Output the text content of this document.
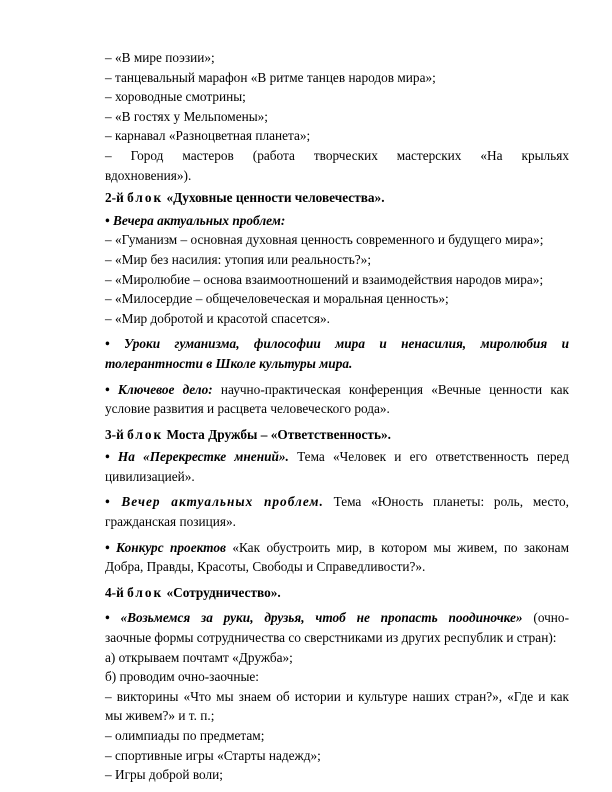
– «В мире поэзии»;

– танцевальный марафон «В ритме танцев народов мира»;

– хороводные смотрины;

– «В гостях у Мельпомены»;

– карнавал «Разноцветная планета»;

– Город мастеров (работа творческих мастерских «На крыльях

вдохновения»).

2-й блок «Духовные ценности человечества».

• Вечера актуальных проблем:

– «Гуманизм – основная духовная ценность современного и будущего мира»;

– «Мир без насилия: утопия или реальность?»;

– «Миролюбие – основа взаимоотношений и взаимодействия народов мира»;

– «Милосердие – общечеловеческая и моральная ценность»;

– «Мир добротой и красотой спасется».

• Уроки гуманизма, философии мира и ненасилия, миролюбия и

толерантности в Школе культуры мира.

• Ключевое дело: научно-практическая конференция «Вечные ценности как

условие развития и расцвета человеческого рода».

3-й блок Моста Дружбы – «Ответственность».

• На «Перекрестке мнений». Тема «Человек и его ответственность перед

цивилизацией».

• Вечер актуальных проблем. Тема «Юность планеты: роль, место,

гражданская позиция».

• Конкурс проектов «Как обустроить мир, в котором мы живем, по законам

Добра, Правды, Красоты, Свободы и Справедливости?».

4-й блок «Сотрудничество».

• «Возьмемся за руки, друзья, чтоб не пропасть поодиночке» (очно-

заочные формы сотрудничества со сверстниками из других республик и стран):

а) открываем почтамт «Дружба»;

б) проводим очно-заочные:

– викторины «Что мы знаем об истории и культуре наших стран?», «Где и как

мы живем?» и т. п.;

– олимпиады по предметам;

– спортивные игры «Старты надежд»;

– Игры доброй воли;
